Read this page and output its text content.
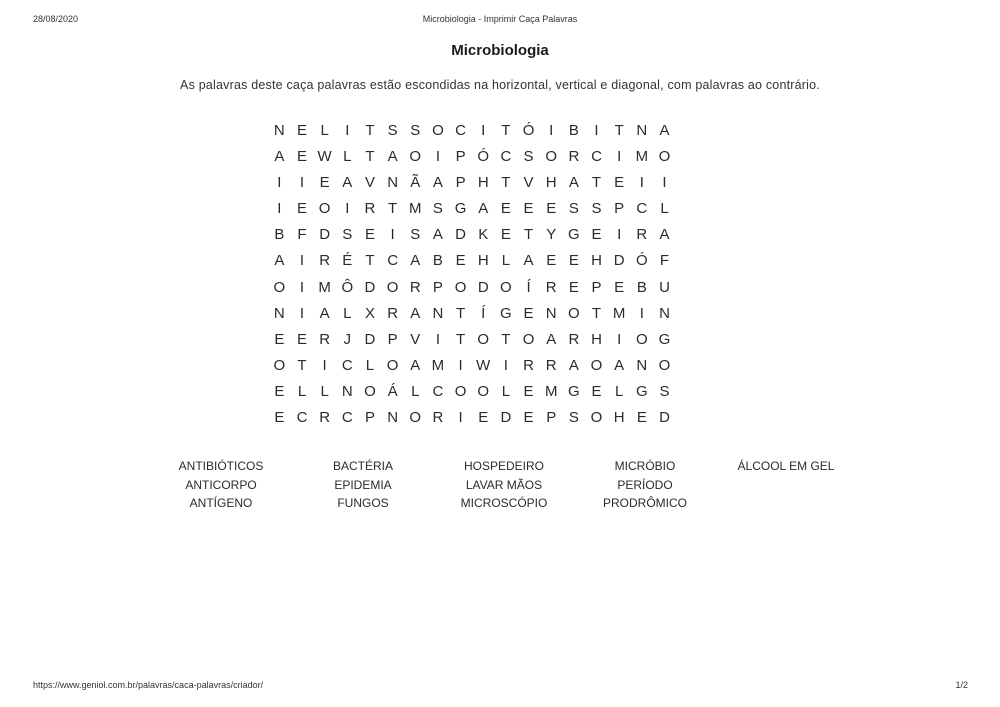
28/08/2020	Microbiologia - Imprimir Caça Palavras
Microbiologia
As palavras deste caça palavras estão escondidas na horizontal, vertical e diagonal, com palavras ao contrário.
N E L	I	T S S O C	I	T Ó I	B	I	T N A
A E W L T A O I	P Ó C S O R C	I M O
I	I	E A V N Ã A P H T V H A T E	I	I
I	E O I	R T M S G A E E E S S P C L
B F D S E	I	S A D K E T Y G E	I	R A
A	I	R É T C A B E H L A E E H D Ó F
O I M Ô D O R P O D O Í	R E P E B U
N	I	A L X R A N T	Í G E N O T M I	N
E E R J D P V	I	T O T O A R H	I O G
O T	I	C L O A M I W I	R R A O A N O
E L L N O Á L C O O L E M G E L G S
E C R C P N O R	I	E D E P S O H E D
ANTIBIÓTICOS
ANTICORPO
ANTÍGENO
BACTÉRIA
EPIDEMIA
FUNGOS
HOSPEDEIRO
LAVAR MÃOS
MICROSCÓPIO
MICRÓBIO
PERÍODO
PRODRÔMICO
ÁLCOOL EM GEL
https://www.geniol.com.br/palavras/caca-palavras/criador/	1/2
